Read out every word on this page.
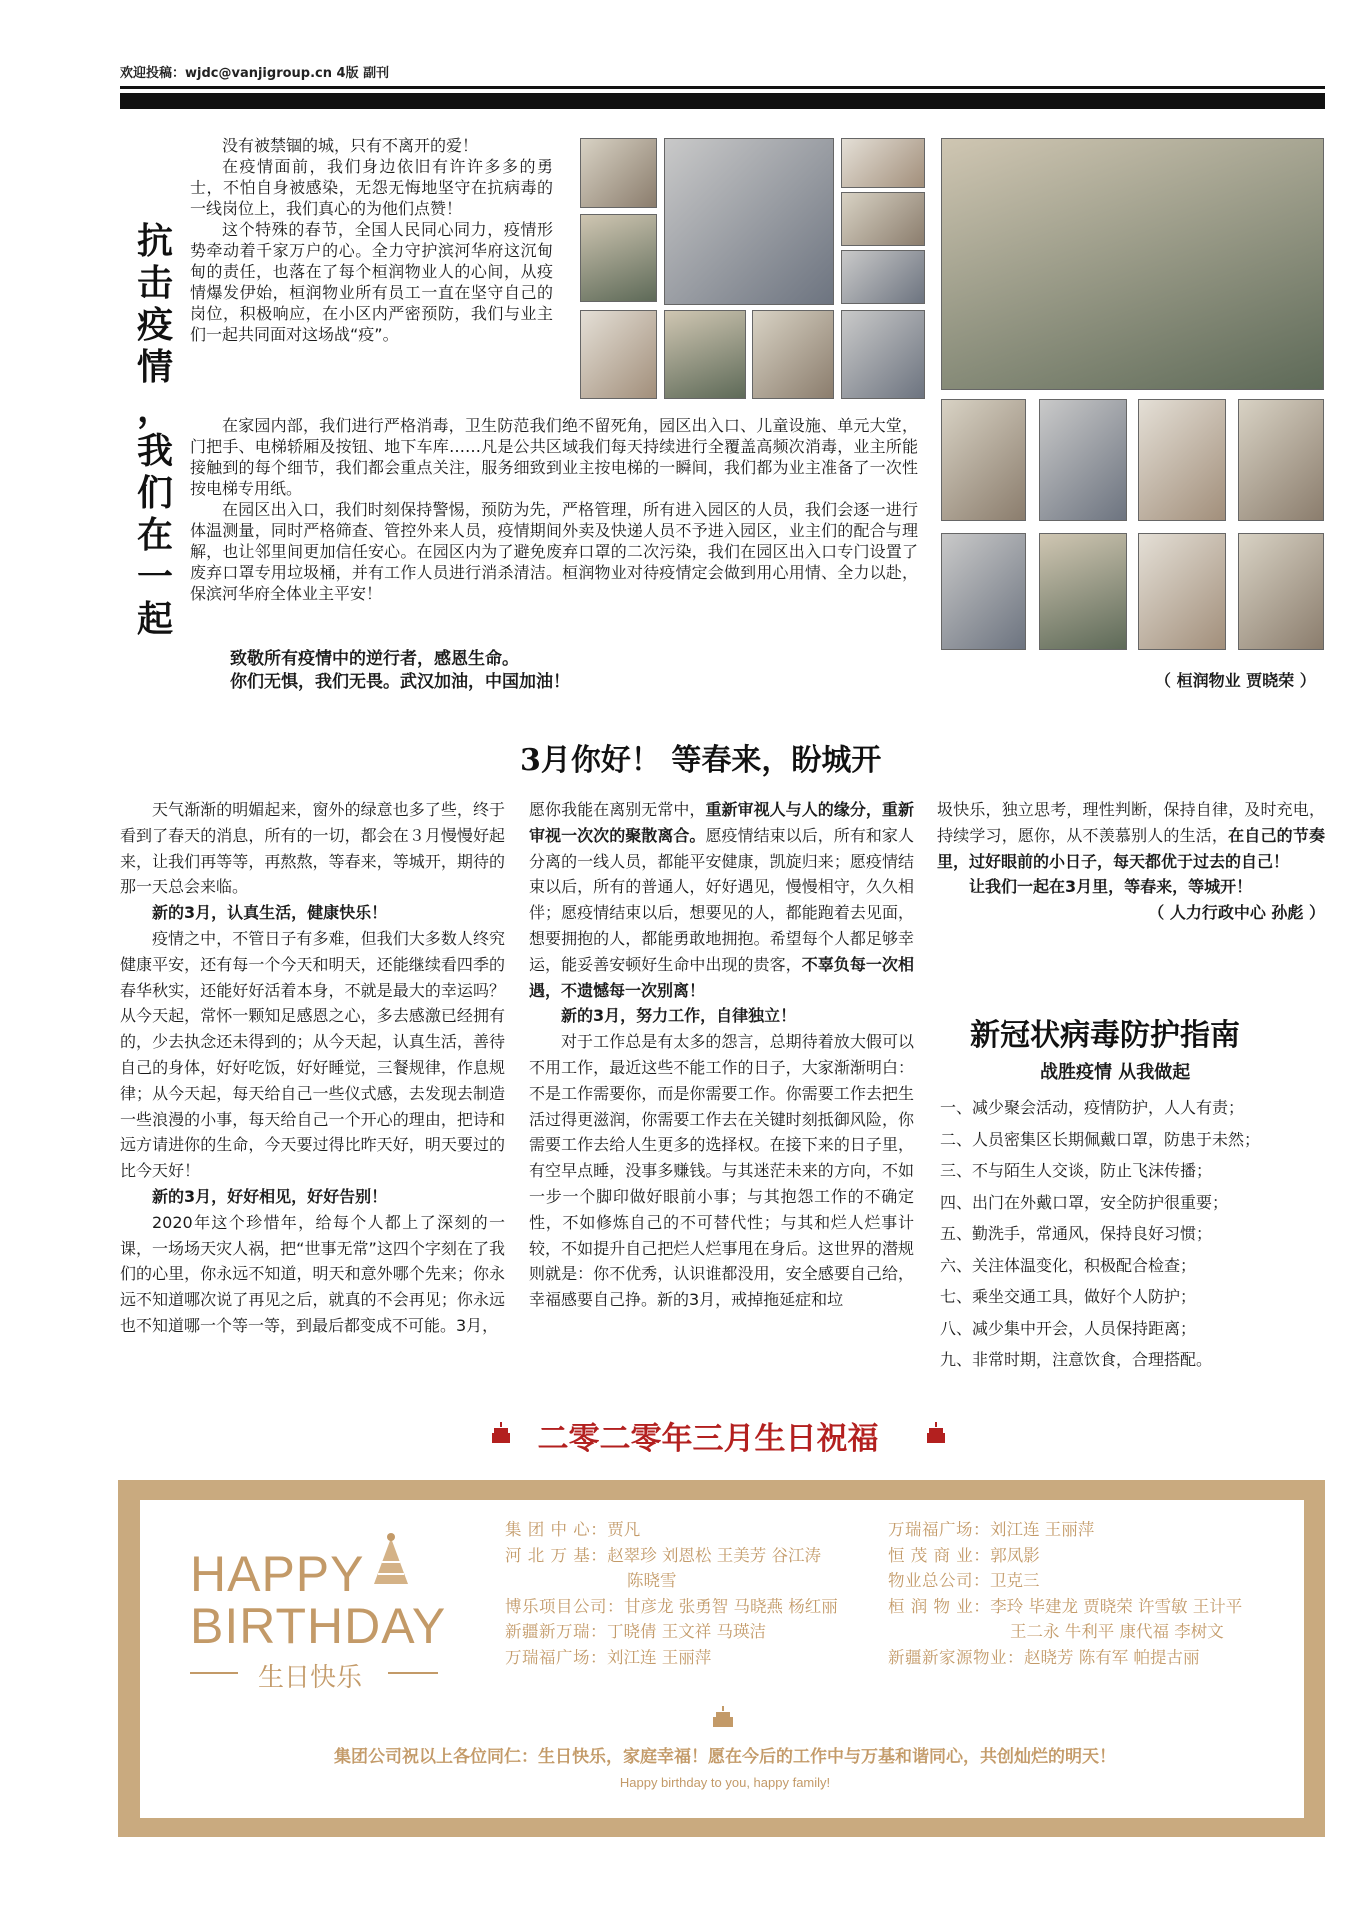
欢迎投稿：wjdc@vanjigroup.cn 4版 副刊
抗
击
疫
情
，
我
们
在
一
起

没有被禁锢的城，只有不离开的爱！

在疫情面前，我们身边依旧有许许多多的勇士，不怕自身被感染，无怨无悔地坚守在抗病毒的一线岗位上，我们真心的为他们点赞！

这个特殊的春节，全国人民同心同力，疫情形势牵动着千家万户的心。全力守护滨河华府这沉甸甸的责任，也落在了每个桓润物业人的心间，从疫情爆发伊始，桓润物业所有员工一直在坚守自己的岗位，积极响应，在小区内严密预防，我们与业主们一起共同面对这场战“疫”。

在家园内部，我们进行严格消毒，卫生防范我们绝不留死角，园区出入口、儿童设施、单元大堂，门把手、电梯轿厢及按钮、地下车库……凡是公共区域我们每天持续进行全覆盖高频次消毒，业主所能接触到的每个细节，我们都会重点关注，服务细致到业主按电梯的一瞬间，我们都为业主准备了一次性按电梯专用纸。

在园区出入口，我们时刻保持警惕，预防为先，严格管理，所有进入园区的人员，我们会逐一进行体温测量，同时严格筛查、管控外来人员，疫情期间外卖及快递人员不予进入园区，业主们的配合与理解，也让邻里间更加信任安心。在园区内为了避免废弃口罩的二次污染，我们在园区出入口专门设置了废弃口罩专用垃圾桶，并有工作人员进行消杀清洁。桓润物业对待疫情定会做到用心用情、全力以赴，保滨河华府全体业主平安！

致敬所有疫情中的逆行者，感恩生命。
你们无惧，我们无畏。武汉加油，中国加油！	（ 桓润物业 贾晓荣 ）
3月你好！ 等春来，盼城开

天气渐渐的明媚起来，窗外的绿意也多了些，终于看到了春天的消息，所有的一切，都会在３月慢慢好起来，让我们再等等，再熬熬，等春来，等城开，期待的那一天总会来临。

新的3月，认真生活，健康快乐！

疫情之中，不管日子有多难，但我们大多数人终究健康平安，还有每一个今天和明天，还能继续看四季的春华秋实，还能好好活着本身，不就是最大的幸运吗？从今天起，常怀一颗知足感恩之心，多去感激已经拥有的，少去执念还未得到的；从今天起，认真生活，善待自己的身体，好好吃饭，好好睡觉，三餐规律，作息规律；从今天起，每天给自己一些仪式感，去发现去制造一些浪漫的小事，每天给自己一个开心的理由，把诗和远方请进你的生命，今天要过得比昨天好，明天要过的比今天好！

新的3月，好好相见，好好告别！

2020年这个珍惜年，给每个人都上了深刻的一课，一场场天灾人祸，把“世事无常”这四个字刻在了我们的心里，你永远不知道，明天和意外哪个先来；你永远不知道哪次说了再见之后，就真的不会再见；你永远也不知道哪一个等一等，到最后都变成不可能。3月，

愿你我能在离别无常中，重新审视人与人的缘分，重新审视一次次的聚散离合。愿疫情结束以后，所有和家人分离的一线人员，都能平安健康，凯旋归来；愿疫情结束以后，所有的普通人，好好遇见，慢慢相守，久久相伴；愿疫情结束以后，想要见的人，都能跑着去见面，想要拥抱的人，都能勇敢地拥抱。希望每个人都足够幸运，能妥善安顿好生命中出现的贵客，不辜负每一次相遇，不遗憾每一次别离！

新的3月，努力工作，自律独立！

对于工作总是有太多的怨言，总期待着放大假可以不用工作，最近这些不能工作的日子，大家渐渐明白：不是工作需要你，而是你需要工作。你需要工作去把生活过得更滋润，你需要工作去在关键时刻抵御风险，你需要工作去给人生更多的选择权。在接下来的日子里，有空早点睡，没事多赚钱。与其迷茫未来的方向，不如一步一个脚印做好眼前小事；与其抱怨工作的不确定性，不如修炼自己的不可替代性；与其和烂人烂事计较，不如提升自己把烂人烂事甩在身后。这世界的潜规则就是：你不优秀，认识谁都没用，安全感要自己给，幸福感要自己挣。新的3月，戒掉拖延症和垃

圾快乐，独立思考，理性判断，保持自律，及时充电，持续学习，愿你，从不羡慕别人的生活，在自己的节奏里，过好眼前的小日子，每天都优于过去的自己！

让我们一起在3月里，等春来，等城开！

（ 人力行政中心 孙彪 ）

新冠状病毒防护指南
战胜疫情 从我做起
一、减少聚会活动，疫情防护，人人有责；
二、人员密集区长期佩戴口罩，防患于未然；
三、不与陌生人交谈，防止飞沫传播；
四、出门在外戴口罩，安全防护很重要；
五、勤洗手，常通风，保持良好习惯；
六、关注体温变化，积极配合检查；
七、乘坐交通工具，做好个人防护；
八、减少集中开会，人员保持距离；
九、非常时期，注意饮食，合理搭配。
二零二零年三月生日祝福
HAPPY
BIRTHDAY
生日快乐
集 团 中 心：贾凡
河 北 万 基：赵翠珍 刘恩松 王美芳 谷江涛
陈晓雪
博乐项目公司：甘彦龙 张勇智 马晓燕 杨红丽
新疆新万瑞：丁晓倩 王文祥 马瑛洁
万瑞福广场：刘江连 王丽萍
万瑞福广场：刘江连 王丽萍
恒 茂 商 业：郭凤影
物业总公司：卫克三
桓 润 物 业：李玲 毕建龙 贾晓荣 许雪敏 王计平
王二永 牛利平 康代福 李树文
新疆新家源物业：赵晓芳 陈有军 帕提古丽
集团公司祝以上各位同仁：生日快乐，家庭幸福！愿在今后的工作中与万基和谐同心，共创灿烂的明天！
Happy birthday to you, happy family!
